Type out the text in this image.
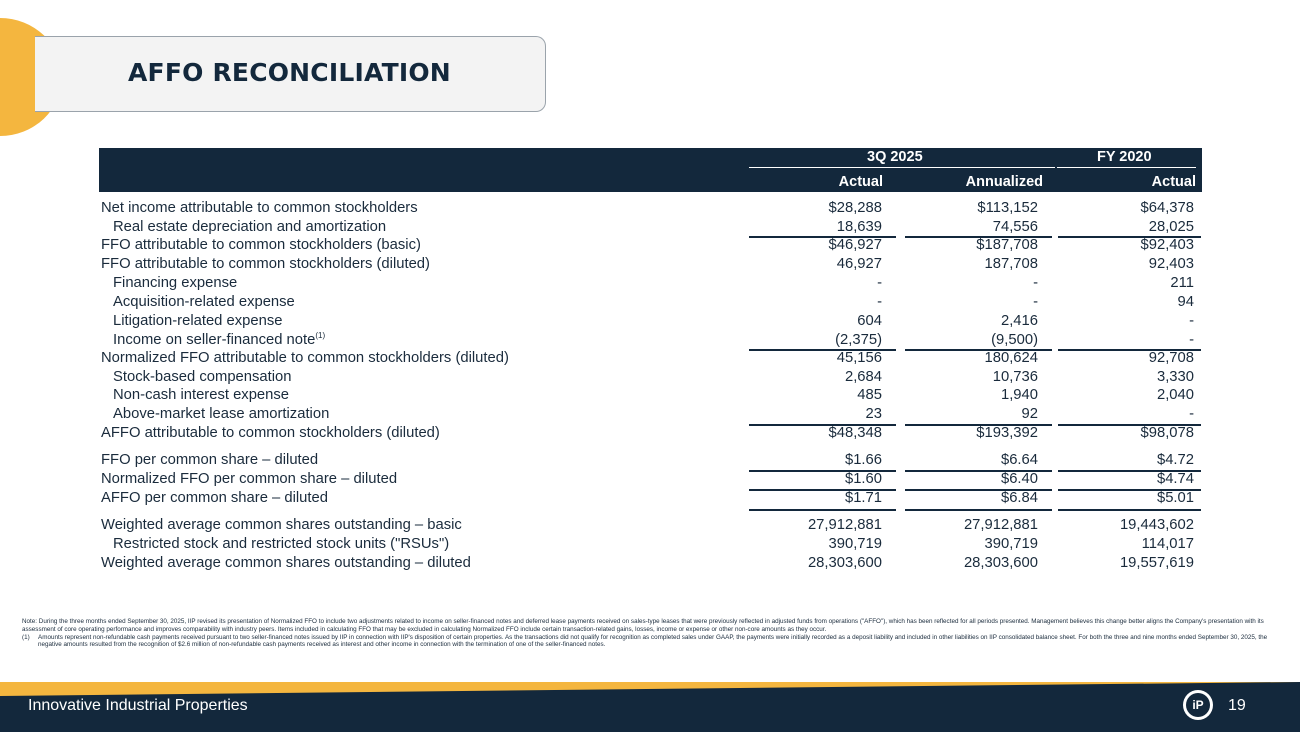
AFFO RECONCILIATION
3Q 2025	FY 2020
Actual	Annualized	Actual
Net income attributable to common stockholders	$28,288	$113,152	$64,378
Real estate depreciation and amortization	18,639	74,556	28,025
FFO attributable to common stockholders (basic)	$46,927	$187,708	$92,403
FFO attributable to common stockholders (diluted)	46,927	187,708	92,403
Financing expense	-	-	211
Acquisition-related expense	-	-	94
Litigation-related expense	604	2,416	-
Income on seller-financed note$^{(1)}$	(2,375)	(9,500)	-
Normalized FFO attributable to common stockholders (diluted)	45,156	180,624	92,708
Stock-based compensation	2,684	10,736	3,330
Non-cash interest expense	485	1,940	2,040
Above-market lease amortization	23	92	-
AFFO attributable to common stockholders (diluted)	$48,348	$193,392	$98,078
FFO per common share – diluted	$1.66	$6.64	$4.72
Normalized FFO per common share – diluted	$1.60	$6.40	$4.74
AFFO per common share – diluted	$1.71	$6.84	$5.01
Weighted average common shares outstanding – basic	27,912,881	27,912,881	19,443,602
Restricted stock and restricted stock units ("RSUs")	390,719	390,719	114,017
Weighted average common shares outstanding – diluted	28,303,600	28,303,600	19,557,619

Note: During the three months ended September 30, 2025, IIP revised its presentation of Normalized FFO to include two adjustments related to income on seller-financed notes and deferred lease payments received on sales-type leases that were previously reflected in adjusted funds from operations ("AFFO"), which has been reflected for all periods presented. Management believes this change better aligns the Company's presentation with its assessment of core operating performance and improves comparability with industry peers. Items included in calculating FFO that may be excluded in calculating Normalized FFO include certain transaction-related gains, losses, income or expense or other non-core amounts as they occur.

(1)	Amounts represent non-refundable cash payments received pursuant to two seller-financed notes issued by IIP in connection with IIP's disposition of certain properties. As the transactions did not qualify for recognition as completed sales under GAAP, the payments were initially recorded as a deposit liability and included in other liabilities on IIP consolidated balance sheet. For both the three and nine months ended September 30, 2025, the negative amounts resulted from the recognition of $2.6 million of non-refundable cash payments received as interest and other income in connection with the termination of one of the seller-financed notes.
Innovative Industrial Properties	iP	19
